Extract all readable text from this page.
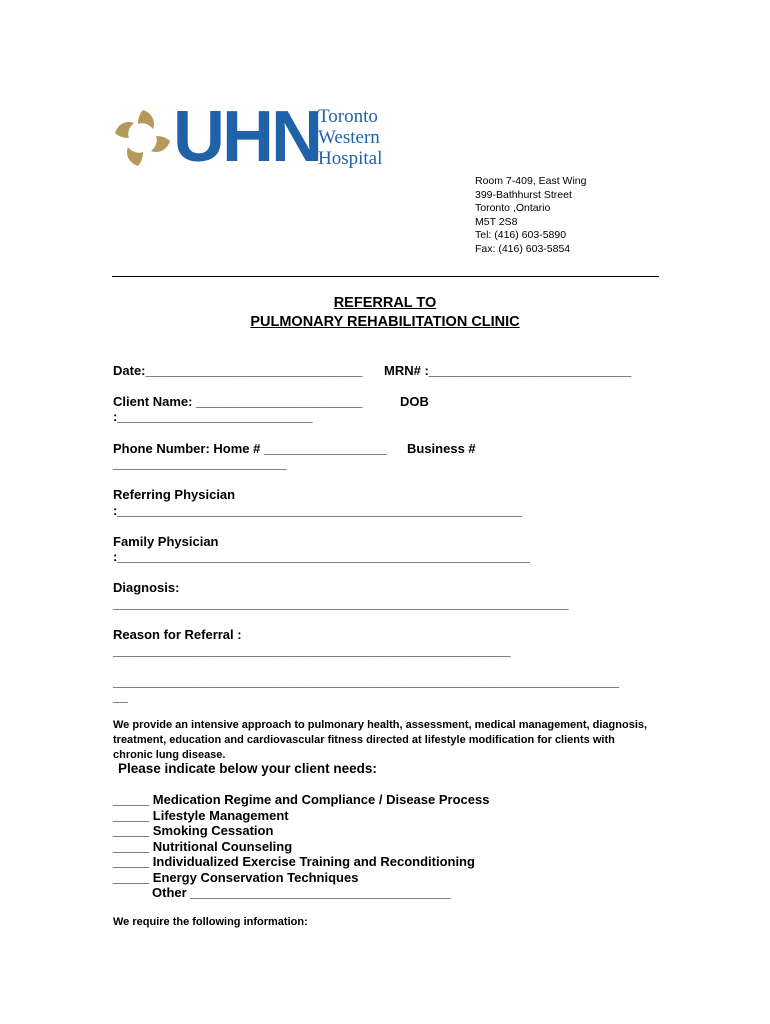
UHN
Toronto
Western
Hospital
Room 7-409, East Wing
399-Bathhurst Street
Toronto ,Ontario
M5T 2S8
Tel: (416) 603-5890
Fax: (416) 603-5854
REFERRAL TO
PULMONARY REHABILITATION CLINIC
Date:______________________________ MRN# :____________________________
Client Name: _______________________	DOB
:___________________________
Phone Number: Home # _________________ Business #
________________________
Referring Physician
:________________________________________________________
Family Physician
:_________________________________________________________
Diagnosis:
_______________________________________________________________
Reason for Referral :
_______________________________________________________
______________________________________________________________________
__
We provide an intensive approach to pulmonary health, assessment, medical management, diagnosis, treatment, education and cardiovascular fitness directed at lifestyle modification for clients with chronic lung disease.
Please indicate below your client needs:
_____ Medication Regime and Compliance / Disease Process
_____ Lifestyle Management
_____ Smoking Cessation
_____ Nutritional Counseling
_____ Individualized Exercise Training and Reconditioning
_____ Energy Conservation Techniques
Other ____________________________________
We require the following information:
